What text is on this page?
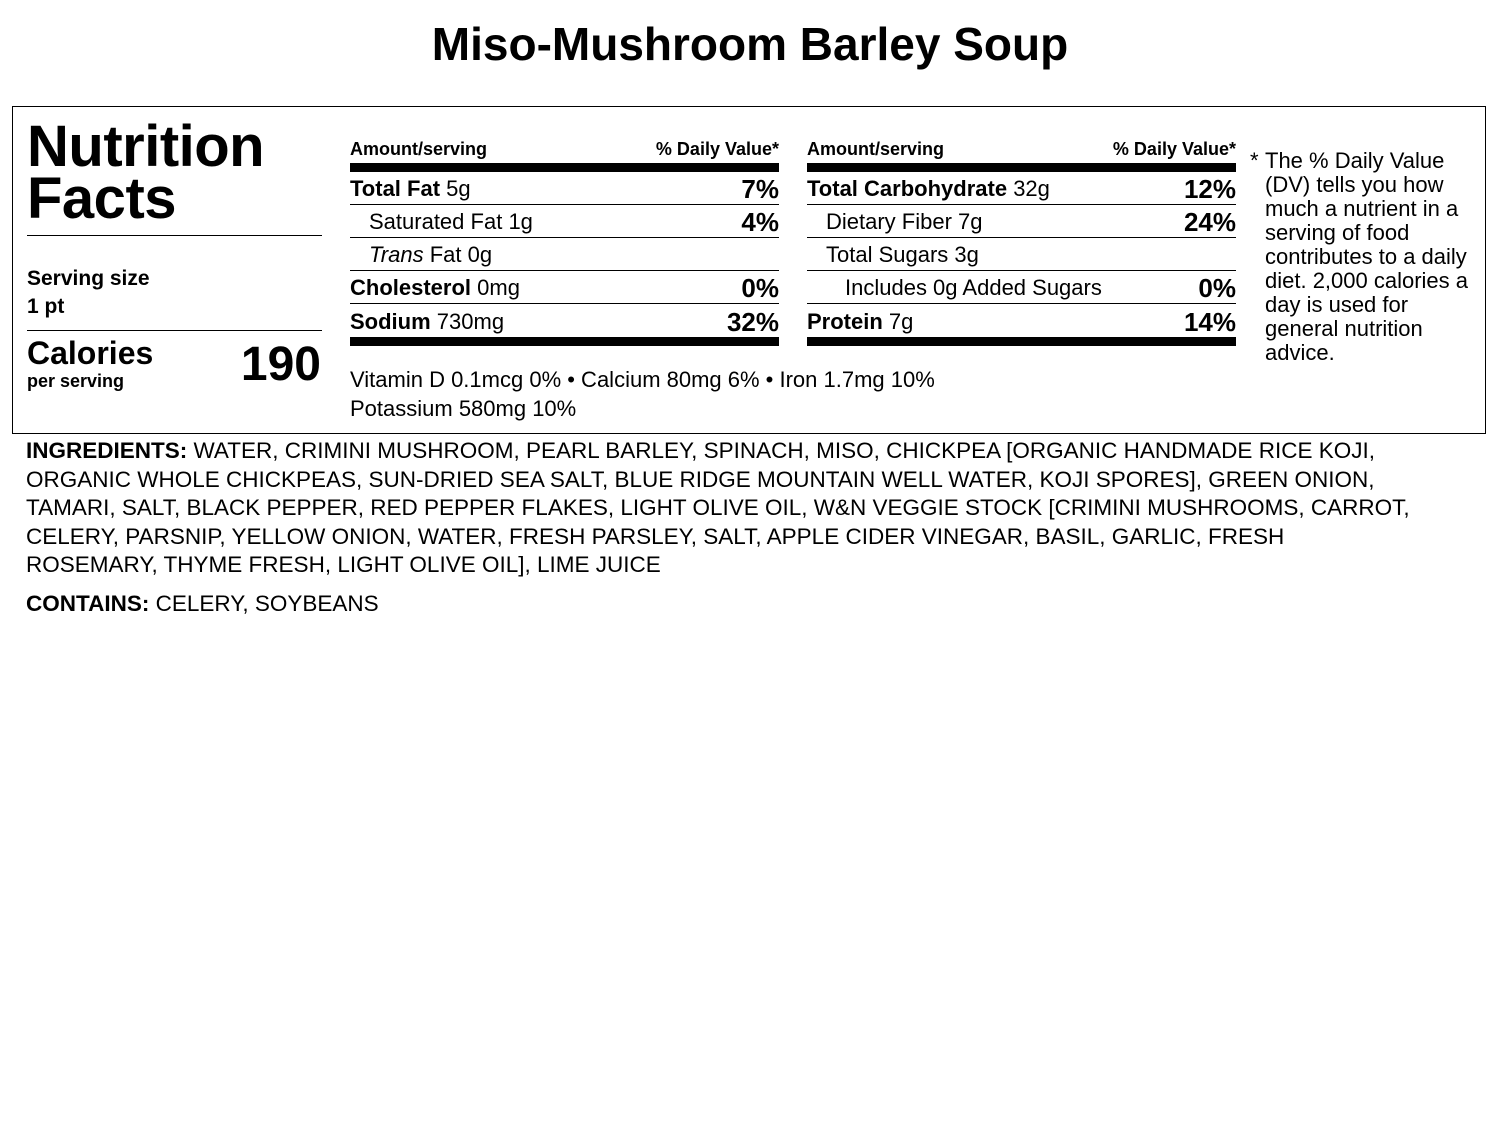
Miso-Mushroom Barley Soup
Nutrition
Facts
Serving size
1 pt
Calories
per serving	190
Amount/serving	% Daily Value*
Total Fat 5g	7%
Saturated Fat 1g	4%
Trans Fat 0g
Cholesterol 0mg	0%
Sodium 730mg	32%
Amount/serving	% Daily Value*
Total Carbohydrate 32g	12%
Dietary Fiber 7g	24%
Total Sugars 3g
Includes 0g Added Sugars	0%
Protein 7g	14%
Vitamin D 0.1mcg 0% • Calcium 80mg 6% • Iron 1.7mg 10%
Potassium 580mg 10%
* The % Daily Value (DV) tells you how much a nutrient in a serving of food contributes to a daily diet. 2,000 calories a day is used for general nutrition advice.
INGREDIENTS: WATER, CRIMINI MUSHROOM, PEARL BARLEY, SPINACH, MISO, CHICKPEA [ORGANIC HANDMADE RICE KOJI, ORGANIC WHOLE CHICKPEAS, SUN-DRIED SEA SALT, BLUE RIDGE MOUNTAIN WELL WATER, KOJI SPORES], GREEN ONION, TAMARI, SALT, BLACK PEPPER, RED PEPPER FLAKES, LIGHT OLIVE OIL, W&N VEGGIE STOCK [CRIMINI MUSHROOMS, CARROT, CELERY, PARSNIP, YELLOW ONION, WATER, FRESH PARSLEY, SALT, APPLE CIDER VINEGAR, BASIL, GARLIC, FRESH ROSEMARY, THYME FRESH, LIGHT OLIVE OIL], LIME JUICE
CONTAINS: CELERY, SOYBEANS
